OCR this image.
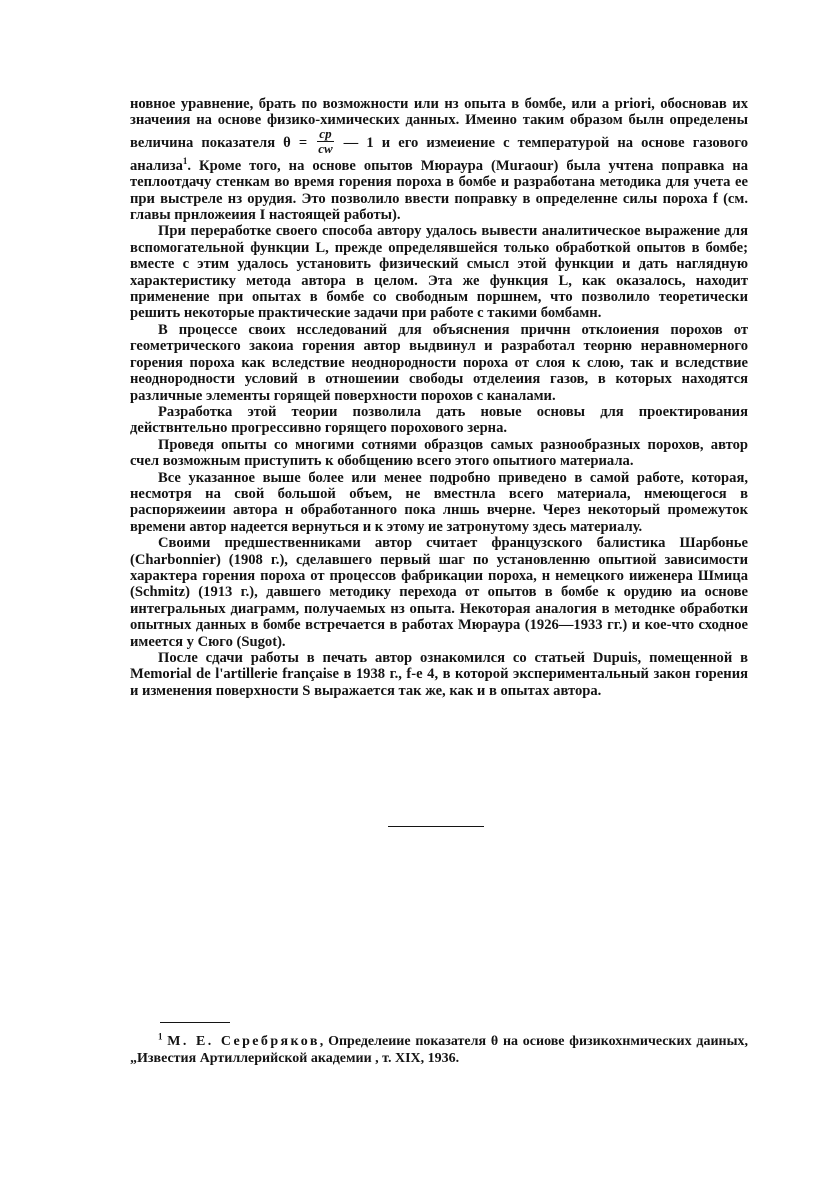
новное уравнение, брать по возможности или нз опыта в бомбе, или a priori, обосновав их значеиия на основе физико-химических данных. Имеино таким образом былн определены величина показателя $\theta = \frac{cp}{cw}$ — 1 и его измеиение с температурой на основе газового анализа$^1$. Кроме того, на основе опытов Мюраура (Muraour) была учтена поправка на теплоотдачу стенкам во время горения пороха в бомбе и разработана методика для учета ее при выстреле нз орудия. Это позволило ввести поправку в определенне силы пороха f (см. главы прнложеиия I настоящей работы).

При переработке своего способа автору удалось вывести аналитическое выражение для вспомогательной функции L, прежде определявшейся только обработкой опытов в бомбе; вместе с этим удалось установить физический смысл этой функции и дать наглядную характеристику метода автора в целом. Эта же функция L, как оказалось, находит применение при опытах в бомбе со свободным поршнем, что позволило теоретически решить некоторые практические задачи при работе с такими бомбамн.

В процессе своих нсследований для объяснения причнн отклоиения порохов от геометрического закоиа горения автор выдвинул и разработал теорню неравномерного горения пороха как вследствие неоднородности пороха от слоя к слою, так и вследствие неоднородности условий в отношеиии свободы отделеиия газов, в которых находятся различные элементы горящей поверхности порохов с каналами.

Разработка этой теории позволила дать новые основы для проектирования действнтельно прогрессивно горящего порохового зерна.

Проведя опыты со многими сотнями образцов самых разнообразных порохов, автор счел возможным приступить к обобщению всего этого опытиого материала.

Все указанное выше более или менее подробно приведено в самой работе, которая, несмотря на свой большой объем, не вместнла всего материала, нмеющегося в распоряжеиии автора н обработанного пока лншь вчерне. Через некоторый промежуток времени автор надеется вернуться и к этому ие затронутому здесь материалу.

Своими предшественниками автор считает французского балистика Шарбонье (Charbonnier) (1908 г.), сделавшего первый шаг по установленню опытиой зависимости характера горения пороха от процессов фабрикации пороха, н немецкого ииженера Шмица (Schmitz) (1913 г.), давшего методику перехода от опытов в бомбе к орудию иа основе интегральных диаграмм, получаемых нз опыта. Некоторая аналогия в методнке обработки опытных данных в бомбе встречается в работах Мюраура (1926—1933 гг.) и кое-что сходное имеется у Сюго (Sugot).

После сдачи работы в печать автор ознакомился со статьей Dupuis, помещенной в Memorial de l'artillerie française в 1938 г., f-e 4, в которой экспериментальный закон горения и изменения поверхности S выражается так же, как и в опытах автора.

$^1$ М. Е. Серебряков, Определеиие показателя θ на осиове физикохнмических даиных, „Известия Артиллерийской академии , т. XIX, 1936.
